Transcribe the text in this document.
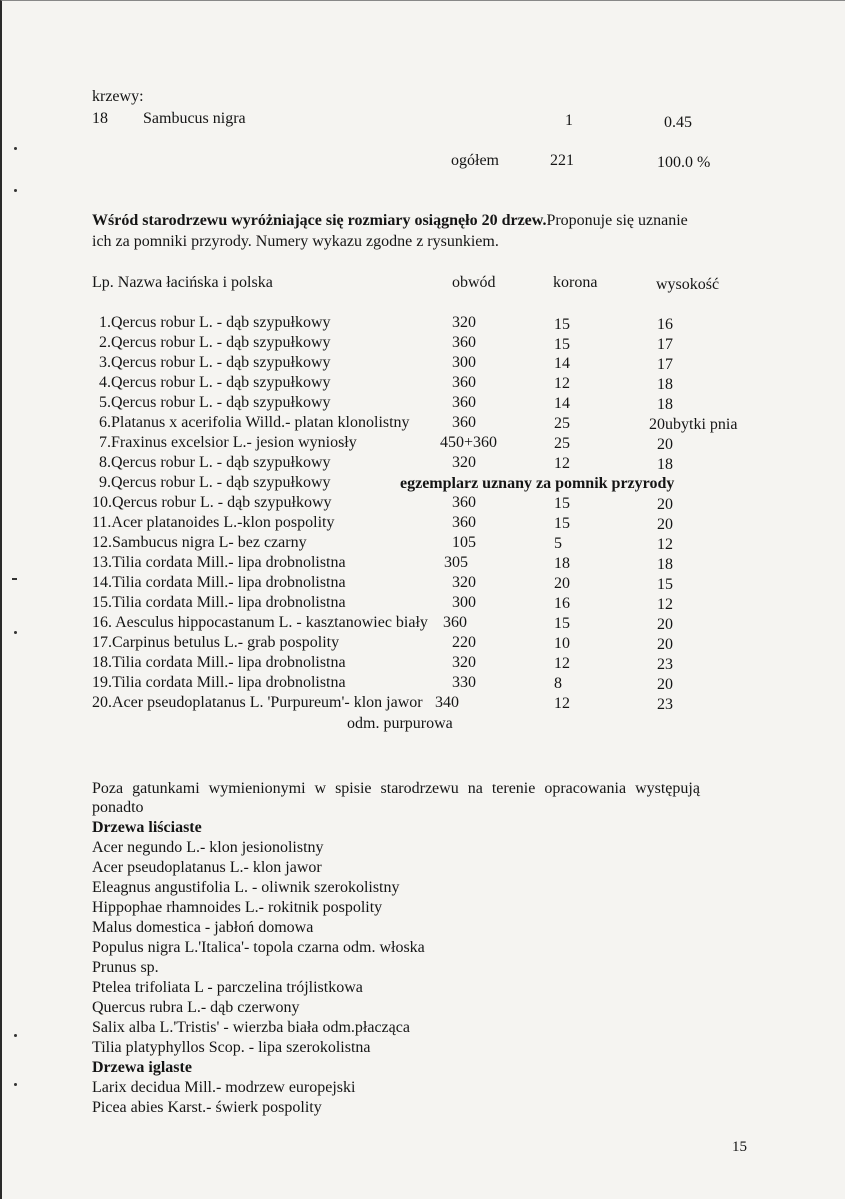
krzewy:
18 Sambucus nigra	1	0.45
ogółem	221	100.0 %
Wśród starodrzewu wyróżniające się rozmiary osiągnęło 20 drzew.Proponuje się uznanie
ich za pomniki przyrody. Numery wykazu zgodne z rysunkiem.
Lp. Nazwa łacińska i polska	obwód	korona	wysokość
1.Qercus robur L. - dąb szypułkowy	320	15	16
2.Qercus robur L. - dąb szypułkowy	360	15	17
3.Qercus robur L. - dąb szypułkowy	300	14	17
4.Qercus robur L. - dąb szypułkowy	360	12	18
5.Qercus robur L. - dąb szypułkowy	360	14	18
6.Platanus x acerifolia Willd.- platan klonolistny	360	25	20ubytki pnia
7.Fraxinus excelsior L.- jesion wyniosły	450+360	25	20
8.Qercus robur L. - dąb szypułkowy	320	12	18
9.Qercus robur L. - dąb szypułkowy	egzemplarz uznany za pomnik przyrody
10.Qercus robur L. - dąb szypułkowy	360	15	20
11.Acer platanoides L.-klon pospolity	360	15	20
12.Sambucus nigra L- bez czarny	105	5	12
13.Tilia cordata Mill.- lipa drobnolistna	305	18	18
14.Tilia cordata Mill.- lipa drobnolistna	320	20	15
15.Tilia cordata Mill.- lipa drobnolistna	300	16	12
16. Aesculus hippocastanum L. - kasztanowiec biały 360	15	20
17.Carpinus betulus L.- grab pospolity	220	10	20
18.Tilia cordata Mill.- lipa drobnolistna	320	12	23
19.Tilia cordata Mill.- lipa drobnolistna	330	8	20
20.Acer pseudoplatanus L. 'Purpureum'- klon jawor 340	12	23
odm. purpurowa
Poza gatunkami wymienionymi w spisie starodrzewu na terenie opracowania występują
ponadto
Drzewa liściaste
Acer negundo L.- klon jesionolistny
Acer pseudoplatanus L.- klon jawor
Eleagnus angustifolia L. - oliwnik szerokolistny
Hippophae rhamnoides L.- rokitnik pospolity
Malus domestica - jabłoń domowa
Populus nigra L.'Italica'- topola czarna odm. włoska
Prunus sp.
Ptelea trifoliata L - parczelina trójlistkowa
Quercus rubra L.- dąb czerwony
Salix alba L.'Tristis' - wierzba biała odm.płacząca
Tilia platyphyllos Scop. - lipa szerokolistna
Drzewa iglaste
Larix decidua Mill.- modrzew europejski
Picea abies Karst.- świerk pospolity
15
